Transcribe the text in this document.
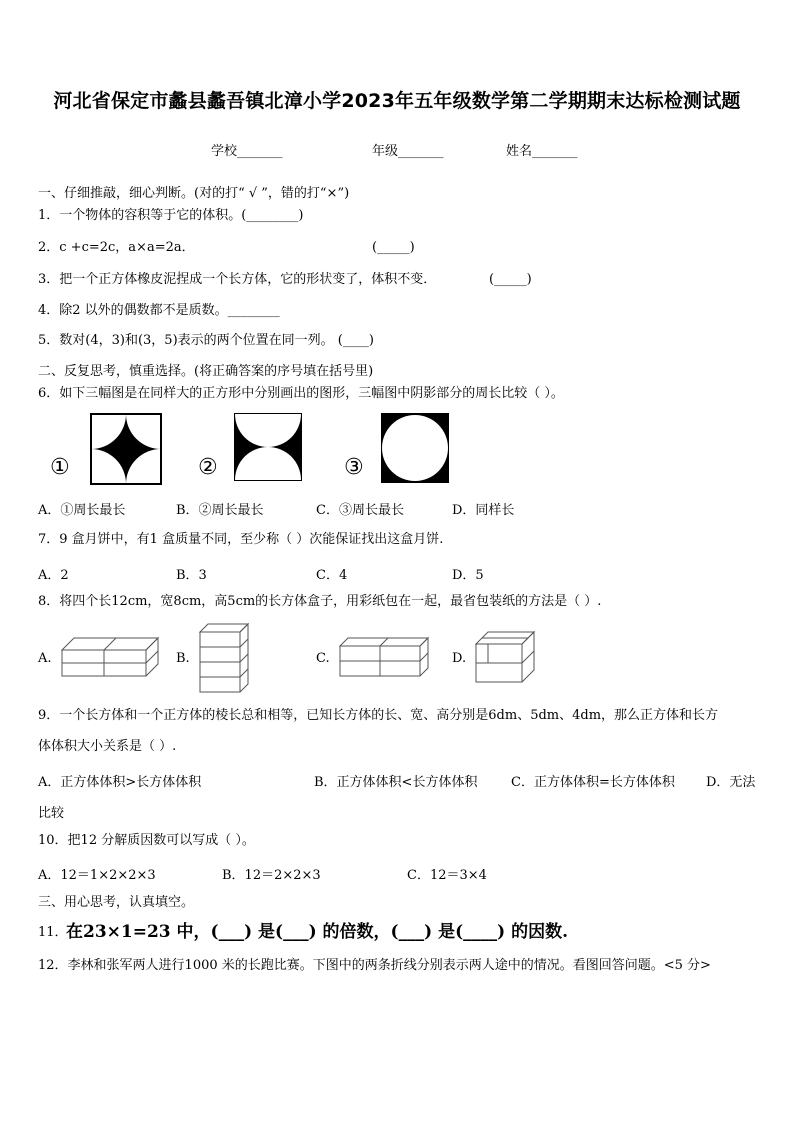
河北省保定市蠡县蠡吾镇北漳小学2023年五年级数学第二学期期末达标检测试题
学校_______	年级_______	姓名_______
一、仔细推敲，细心判断。(对的打“ √ ”，错的打“×”)
1．一个物体的容积等于它的体积。(________)
2．c +c=2c，a×a=2a．	(_____)
3．把一个正方体橡皮泥捏成一个长方体，它的形状变了，体积不变．	(_____)
4．除2 以外的偶数都不是质数。________
5．数对(4，3)和(3，5)表示的两个位置在同一列。 (____)
二、反复思考，慎重选择。(将正确答案的序号填在括号里)
6．如下三幅图是在同样大的正方形中分别画出的图形，三幅图中阴影部分的周长比较（ ）。
①	②	③
A．①周长最长	B．②周长最长	C．③周长最长	D．同样长
7．9 盒月饼中，有1 盒质量不同，至少称（ ）次能保证找出这盒月饼.
A．2	B．3	C．4	D．5
8．将四个长12cm，宽8cm，高5cm的长方体盒子，用彩纸包在一起，最省包装纸的方法是（ ）.
A.	B.	C.	D.
9．一个长方体和一个正方体的棱长总和相等，已知长方体的长、宽、高分别是6dm、5dm、4dm，那么正方体和长方
体体积大小关系是（ ）.
A．正方体体积>长方体体积	B．正方体体积<长方体体积	C．正方体体积=长方体体积 D．无法
比较
10．把12 分解质因数可以写成（ ）。
A．12＝1×2×2×3	B．12＝2×2×3	C．12＝3×4
三、用心思考，认真填空。
11．
在23×1=23 中，(___) 是(___) 的倍数，(___) 是(____) 的因数.
12．李林和张军两人进行1000 米的长跑比赛。下图中的两条折线分别表示两人途中的情况。看图回答问题。<5 分>
